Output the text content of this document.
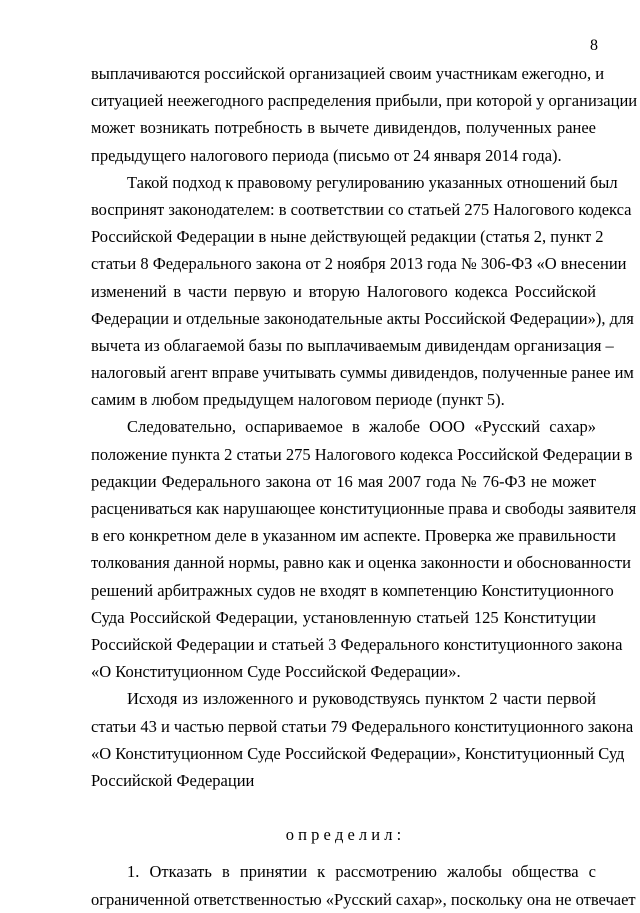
8

выплачиваются российской организацией своим участникам ежегодно, и
ситуацией неежегодного распределения прибыли, при которой у организации
может возникать потребность в вычете дивидендов, полученных ранее
предыдущего налогового периода (письмо от 24 января 2014 года).

Такой подход к правовому регулированию указанных отношений был
воспринят законодателем: в соответствии со статьей 275 Налогового кодекса
Российской Федерации в ныне действующей редакции (статья 2, пункт 2
статьи 8 Федерального закона от 2 ноября 2013 года № 306-ФЗ «О внесении
изменений в части первую и вторую Налогового кодекса Российской
Федерации и отдельные законодательные акты Российской Федерации»), для
вычета из облагаемой базы по выплачиваемым дивидендам организация –
налоговый агент вправе учитывать суммы дивидендов, полученные ранее им
самим в любом предыдущем налоговом периоде (пункт 5).

Следовательно, оспариваемое в жалобе ООО «Русский сахар»
положение пункта 2 статьи 275 Налогового кодекса Российской Федерации в
редакции Федерального закона от 16 мая 2007 года № 76-ФЗ не может
расцениваться как нарушающее конституционные права и свободы заявителя
в его конкретном деле в указанном им аспекте. Проверка же правильности
толкования данной нормы, равно как и оценка законности и обоснованности
решений арбитражных судов не входят в компетенцию Конституционного
Суда Российской Федерации, установленную статьей 125 Конституции
Российской Федерации и статьей 3 Федерального конституционного закона
«О Конституционном Суде Российской Федерации».

Исходя из изложенного и руководствуясь пунктом 2 части первой
статьи 43 и частью первой статьи 79 Федерального конституционного закона
«О Конституционном Суде Российской Федерации», Конституционный Суд
Российской Федерации

о п р е д е л и л :

1. Отказать в принятии к рассмотрению жалобы общества с
ограниченной ответственностью «Русский сахар», поскольку она не отвечает
